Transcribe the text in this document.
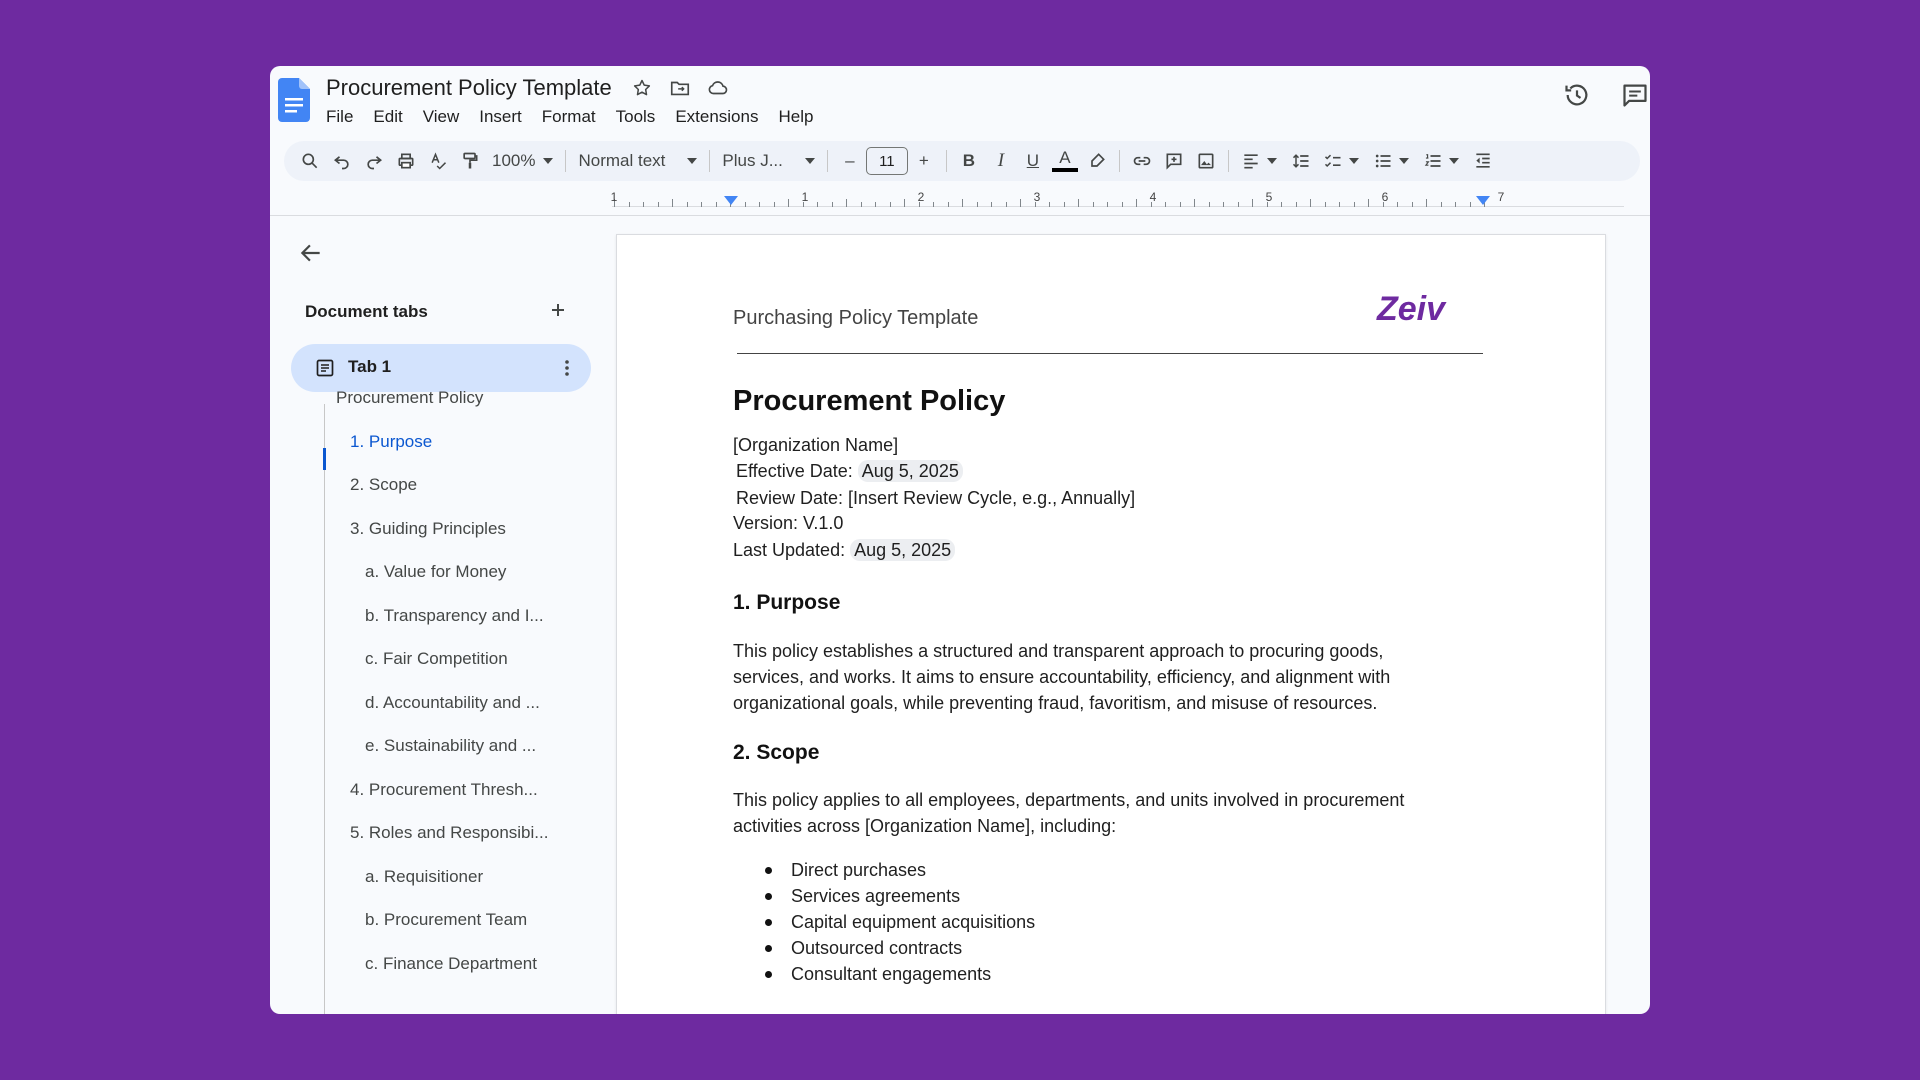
Procurement Policy Template
File	Edit	View	Insert	Format	Tools	Extensions	Help
100%	Normal text	Plus J...	–	11	+	B	I	U	A
1	1	2	3	4	5	6	7
Document tabs
Tab 1
Procurement Policy
1. Purpose
2. Scope
3. Guiding Principles
a. Value for Money
b. Transparency and I...
c. Fair Competition
d. Accountability and ...
e. Sustainability and ...
4. Procurement Thresh...
5. Roles and Responsibi...
a. Requisitioner
b. Procurement Team
c. Finance Department
Purchasing Policy Template	Zeiv
Procurement Policy
[Organization Name]
Effective Date: Aug 5, 2025
Review Date: [Insert Review Cycle, e.g., Annually]
Version: V.1.0
Last Updated: Aug 5, 2025
1. Purpose
This policy establishes a structured and transparent approach to procuring goods, services, and works. It aims to ensure accountability, efficiency, and alignment with organizational goals, while preventing fraud, favoritism, and misuse of resources.
2. Scope
This policy applies to all employees, departments, and units involved in procurement activities across [Organization Name], including:
Direct purchases
Services agreements
Capital equipment acquisitions
Outsourced contracts
Consultant engagements
